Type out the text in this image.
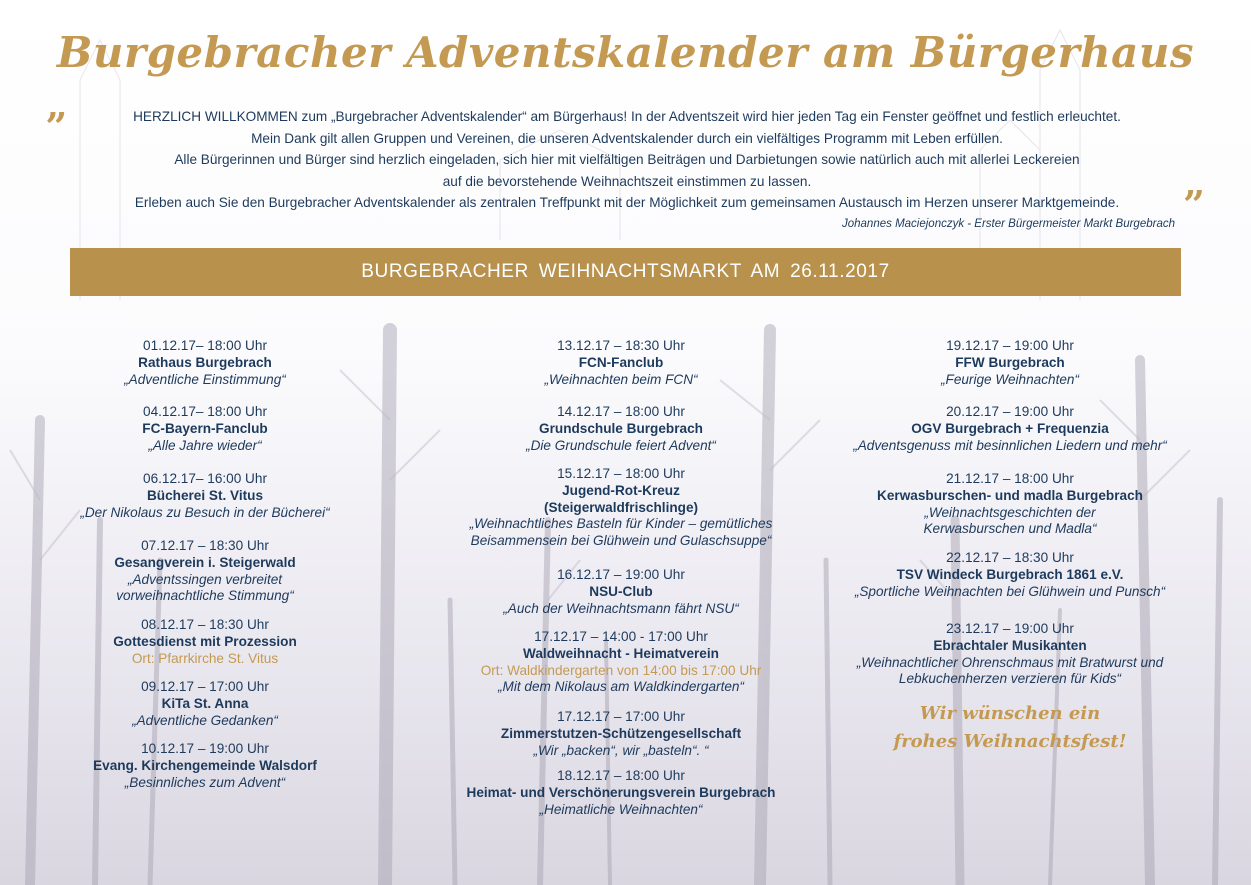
Burgebracher Adventskalender am Bürgerhaus
„
”
HERZLICH WILLKOMMEN zum „Burgebracher Adventskalender“ am Bürgerhaus! In der Adventszeit wird hier jeden Tag ein Fenster geöffnet und festlich erleuchtet.
Mein Dank gilt allen Gruppen und Vereinen, die unseren Adventskalender durch ein vielfältiges Programm mit Leben erfüllen.
Alle Bürgerinnen und Bürger sind herzlich eingeladen, sich hier mit vielfältigen Beiträgen und Darbietungen sowie natürlich auch mit allerlei Leckereien
auf die bevorstehende Weihnachtszeit einstimmen zu lassen.
Erleben auch Sie den Burgebracher Adventskalender als zentralen Treffpunkt mit der Möglichkeit zum gemeinsamen Austausch im Herzen unserer Marktgemeinde.
Johannes Maciejonczyk - Erster Bürgermeister Markt Burgebrach
BURGEBRACHER WEIHNACHTSMARKT AM 26.11.2017
01.12.17– 18:00 Uhr
Rathaus Burgebrach
„Adventliche Einstimmung“
04.12.17– 18:00 Uhr
FC-Bayern-Fanclub
„Alle Jahre wieder“
06.12.17– 16:00 Uhr
Bücherei St. Vitus
„Der Nikolaus zu Besuch in der Bücherei“
07.12.17 – 18:30 Uhr
Gesangverein i. Steigerwald
„Adventssingen verbreitet
vorweihnachtliche Stimmung“
08.12.17 – 18:30 Uhr
Gottesdienst mit Prozession
Ort: Pfarrkirche St. Vitus
09.12.17 – 17:00 Uhr
KiTa St. Anna
„Adventliche Gedanken“
10.12.17 – 19:00 Uhr
Evang. Kirchengemeinde Walsdorf
„Besinnliches zum Advent“
13.12.17 – 18:30 Uhr
FCN-Fanclub
„Weihnachten beim FCN“
14.12.17 – 18:00 Uhr
Grundschule Burgebrach
„Die Grundschule feiert Advent“
15.12.17 – 18:00 Uhr
Jugend-Rot-Kreuz
(Steigerwaldfrischlinge)
„Weihnachtliches Basteln für Kinder – gemütliches
Beisammensein bei Glühwein und Gulaschsuppe“
16.12.17 – 19:00 Uhr
NSU-Club
„Auch der Weihnachtsmann fährt NSU“
17.12.17 – 14:00 - 17:00 Uhr
Waldweihnacht - Heimatverein
Ort: Waldkindergarten von 14:00 bis 17:00 Uhr
„Mit dem Nikolaus am Waldkindergarten“
17.12.17 – 17:00 Uhr
Zimmerstutzen-Schützengesellschaft
„Wir „backen“, wir „basteln“. “
18.12.17 – 18:00 Uhr
Heimat- und Verschönerungsverein Burgebrach
„Heimatliche Weihnachten“
19.12.17 – 19:00 Uhr
FFW Burgebrach
„Feurige Weihnachten“
20.12.17 – 19:00 Uhr
OGV Burgebrach + Frequenzia
„Adventsgenuss mit besinnlichen Liedern und mehr“
21.12.17 – 18:00 Uhr
Kerwasburschen- und madla Burgebrach
„Weihnachtsgeschichten der
Kerwasburschen und Madla“
22.12.17 – 18:30 Uhr
TSV Windeck Burgebrach 1861 e.V.
„Sportliche Weihnachten bei Glühwein und Punsch“
23.12.17 – 19:00 Uhr
Ebrachtaler Musikanten
„Weihnachtlicher Ohrenschmaus mit Bratwurst und
Lebkuchenherzen verzieren für Kids“
Wir wünschen ein
frohes Weihnachtsfest!
